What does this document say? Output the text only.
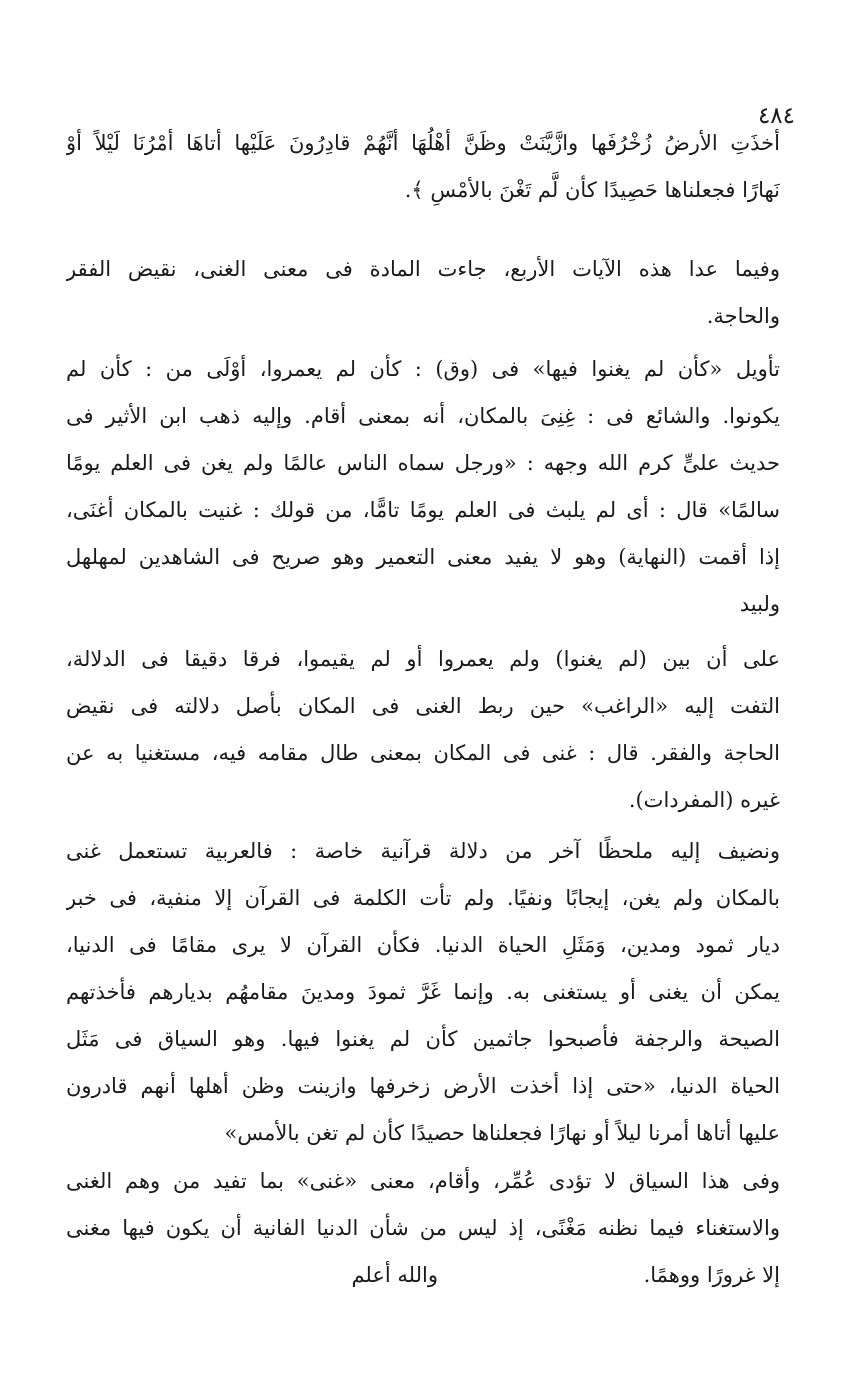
٤٨٤
أخذَتِ الأرضُ زُخْرُفَها وازَّيَّنَتْ وظَنَّ أهْلُهَا أنَّهُمْ قادِرُونَ عَلَيْها أتاهَا أمْرُنَا لَيْلاً أوْ
نَهارًا فجعلناها حَصِيدًا كأن لَّم تَغْنَ بالأمْسِ ﴾.
وفيما عدا هذه الآيات الأربع، جاءت المادة فى معنى الغنى، نقيض الفقر
والحاجة.
تأويل «كأن لم يغنوا فيها» فى (وق) : كأن لم يعمروا، أوْلَى من : كأن لم
يكونوا. والشائع فى : غِنِىَ بالمكان، أنه بمعنى أقام. وإليه ذهب ابن الأثير فى
حديث علىٍّ كرم الله وجهه : «ورجل سماه الناس عالمًا ولم يغن فى العلم يومًا
سالمًا» قال : أى لم يلبث فى العلم يومًا تامًّا، من قولك : غنيت بالمكان أغنَى،
إذا أقمت (النهاية) وهو لا يفيد معنى التعمير وهو صريح فى الشاهدين لمهلهل
ولبيد
على أن بين (لم يغنوا) ولم يعمروا أو لم يقيموا، فرقا دقيقا فى الدلالة،
التفت إليه «الراغب» حين ربط الغنى فى المكان بأصل دلالته فى نقيض
الحاجة والفقر. قال : غنى فى المكان بمعنى طال مقامه فيه، مستغنيا به عن
غيره (المفردات).
ونضيف إليه ملحظًا آخر من دلالة قرآنية خاصة : فالعربية تستعمل غنى
بالمكان ولم يغن، إيجابًا ونفيًا. ولم تأت الكلمة فى القرآن إلا منفية، فى خبر
ديار ثمود ومدين، وَمَثَلِ الحياة الدنيا. فكأن القرآن لا يرى مقامًا فى الدنيا،
يمكن أن يغنى أو يستغنى به. وإنما غَرَّ ثمودَ ومدينَ مقامهُم بديارهم فأخذتهم
الصيحة والرجفة فأصبحوا جاثمين كأن لم يغنوا فيها. وهو السياق فى مَثَل
الحياة الدنيا، «حتى إذا أخذت الأرض زخرفها وازينت وظن أهلها أنهم قادرون
عليها أتاها أمرنا ليلاً أو نهارًا فجعلناها حصيدًا كأن لم تغن بالأمس»
وفى هذا السياق لا تؤدى عُمِّر، وأقام، معنى «غنى» بما تفيد من وهم الغنى
والاستغناء فيما نظنه مَغْنًى، إذ ليس من شأن الدنيا الفانية أن يكون فيها مغنى
إلا غرورًا ووهمًا.
والله أعلم
